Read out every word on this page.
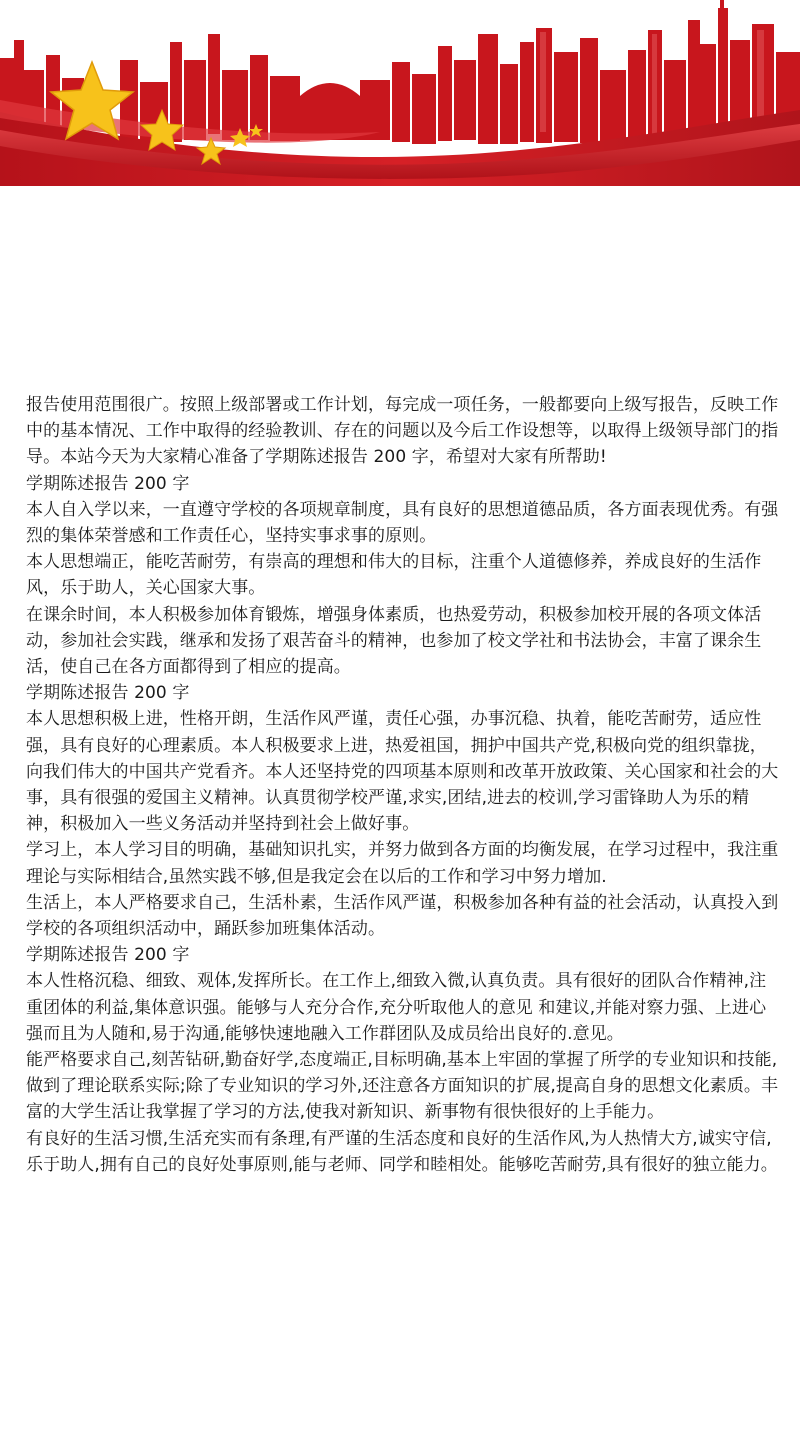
报告使用范围很广。按照上级部署或工作计划，每完成一项任务，一般都要向上级写报告，反映工作中的基本情况、工作中取得的经验教训、存在的问题以及今后工作设想等，以取得上级领导部门的指导。本站今天为大家精心准备了学期陈述报告 200 字，希望对大家有所帮助!

学期陈述报告 200 字

本人自入学以来，一直遵守学校的各项规章制度，具有良好的思想道德品质，各方面表现优秀。有强烈的集体荣誉感和工作责任心，坚持实事求事的原则。

本人思想端正，能吃苦耐劳，有崇高的理想和伟大的目标，注重个人道德修养，养成良好的生活作风，乐于助人，关心国家大事。

在课余时间，本人积极参加体育锻炼，增强身体素质，也热爱劳动，积极参加校开展的各项文体活动，参加社会实践，继承和发扬了艰苦奋斗的精神，也参加了校文学社和书法协会，丰富了课余生活，使自己在各方面都得到了相应的提高。

学期陈述报告 200 字

本人思想积极上进，性格开朗，生活作风严谨，责任心强，办事沉稳、执着，能吃苦耐劳，适应性强，具有良好的心理素质。本人积极要求上进，热爱祖国，拥护中国共产党,积极向党的组织靠拢，向我们伟大的中国共产党看齐。本人还坚持党的四项基本原则和改革开放政策、关心国家和社会的大事，具有很强的爱国主义精神。认真贯彻学校严谨,求实,团结,进去的校训,学习雷锋助人为乐的精神，积极加入一些义务活动并坚持到社会上做好事。

学习上，本人学习目的明确，基础知识扎实，并努力做到各方面的均衡发展，在学习过程中，我注重理论与实际相结合,虽然实践不够,但是我定会在以后的工作和学习中努力增加.

生活上，本人严格要求自己，生活朴素，生活作风严谨，积极参加各种有益的社会活动，认真投入到学校的各项组织活动中，踊跃参加班集体活动。

学期陈述报告 200 字

本人性格沉稳、细致、观体,发挥所长。在工作上,细致入微,认真负责。具有很好的团队合作精神,注重团体的利益,集体意识强。能够与人充分合作,充分听取他人的意见 和建议,并能对察力强、上进心强而且为人随和,易于沟通,能够快速地融入工作群团队及成员给出良好的.意见。

能严格要求自己,刻苦钻研,勤奋好学,态度端正,目标明确,基本上牢固的掌握了所学的专业知识和技能,做到了理论联系实际;除了专业知识的学习外,还注意各方面知识的扩展,提高自身的思想文化素质。丰富的大学生活让我掌握了学习的方法,使我对新知识、新事物有很快很好的上手能力。

有良好的生活习惯,生活充实而有条理,有严谨的生活态度和良好的生活作风,为人热情大方,诚实守信,乐于助人,拥有自己的良好处事原则,能与老师、同学和睦相处。能够吃苦耐劳,具有很好的独立能力。
